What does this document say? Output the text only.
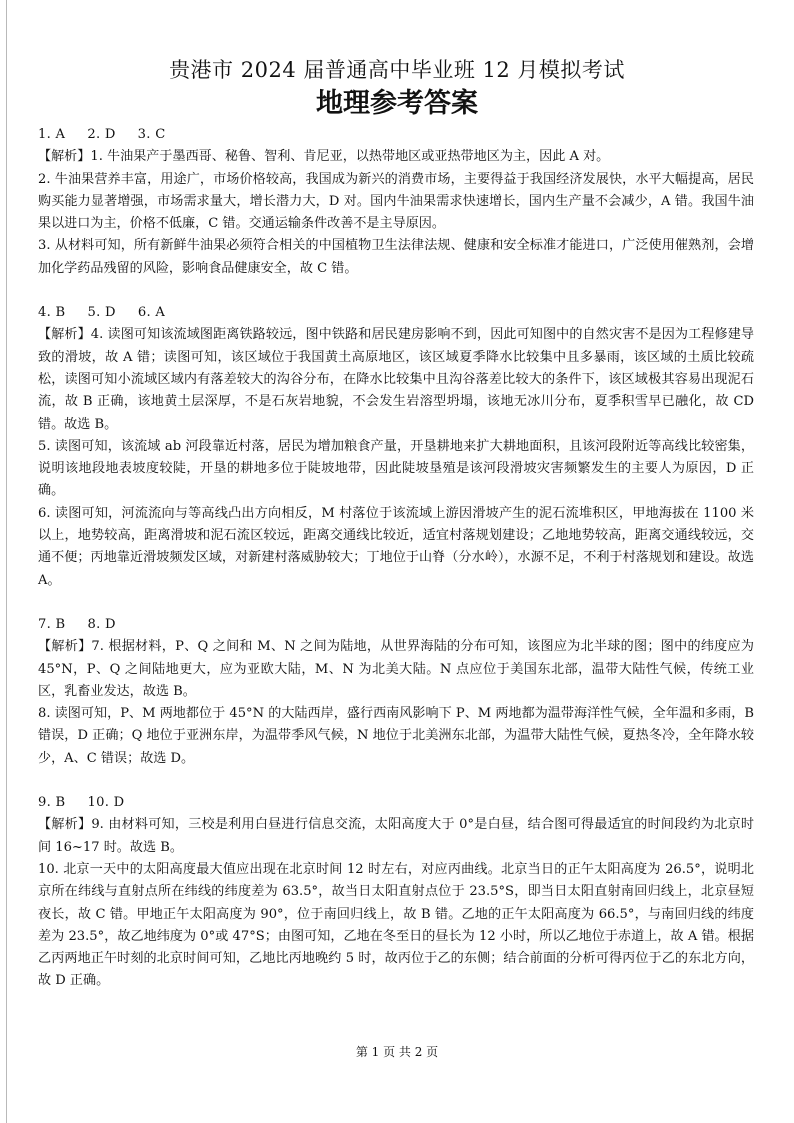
贵港市 2024 届普通高中毕业班 12 月模拟考试
地理参考答案

1. A 2. D 3. C

【解析】1. 牛油果产于墨西哥、秘鲁、智利、肯尼亚，以热带地区或亚热带地区为主，因此 A 对。

2. 牛油果营养丰富，用途广，市场价格较高，我国成为新兴的消费市场，主要得益于我国经济发展快，水平大幅提高，居民购买能力显著增强，市场需求量大，增长潜力大，D 对。国内牛油果需求快速增长，国内生产量不会减少，A 错。我国牛油果以进口为主，价格不低廉，C 错。交通运输条件改善不是主导原因。

3. 从材料可知，所有新鲜牛油果必须符合相关的中国植物卫生法律法规、健康和安全标准才能进口，广泛使用催熟剂，会增加化学药品残留的风险，影响食品健康安全，故 C 错。

4. B 5. D 6. A

【解析】4. 读图可知该流域图距离铁路较远，图中铁路和居民建房影响不到，因此可知图中的自然灾害不是因为工程修建导致的滑坡，故 A 错；读图可知，该区域位于我国黄土高原地区，该区域夏季降水比较集中且多暴雨，该区域的土质比较疏松，读图可知小流域区域内有落差较大的沟谷分布，在降水比较集中且沟谷落差比较大的条件下，该区域极其容易出现泥石流，故 B 正确，该地黄土层深厚，不是石灰岩地貌，不会发生岩溶型坍塌，该地无冰川分布，夏季积雪早已融化，故 CD 错。故选 B。

5. 读图可知，该流域 ab 河段靠近村落，居民为增加粮食产量，开垦耕地来扩大耕地面积，且该河段附近等高线比较密集，说明该地段地表坡度较陡，开垦的耕地多位于陡坡地带，因此陡坡垦殖是该河段滑坡灾害频繁发生的主要人为原因，D 正确。

6. 读图可知，河流流向与等高线凸出方向相反，M 村落位于该流域上游因滑坡产生的泥石流堆积区，甲地海拔在 1100 米以上，地势较高，距离滑坡和泥石流区较远，距离交通线比较近，适宜村落规划建设；乙地地势较高，距离交通线较远，交通不便；丙地靠近滑坡频发区域，对新建村落威胁较大；丁地位于山脊（分水岭），水源不足，不利于村落规划和建设。故选 A。

7. B 8. D

【解析】7. 根据材料，P、Q 之间和 M、N 之间为陆地，从世界海陆的分布可知，该图应为北半球的图；图中的纬度应为 45°N，P、Q 之间陆地更大，应为亚欧大陆，M、N 为北美大陆。N 点应位于美国东北部，温带大陆性气候，传统工业区，乳畜业发达，故选 B。

8. 读图可知，P、M 两地都位于 45°N 的大陆西岸，盛行西南风影响下 P、M 两地都为温带海洋性气候，全年温和多雨，B 错误，D 正确；Q 地位于亚洲东岸，为温带季风气候，N 地位于北美洲东北部，为温带大陆性气候，夏热冬冷，全年降水较少，A、C 错误；故选 D。

9. B 10. D

【解析】9. 由材料可知，三校是利用白昼进行信息交流，太阳高度大于 0°是白昼，结合图可得最适宜的时间段约为北京时间 16~17 时。故选 B。

10. 北京一天中的太阳高度最大值应出现在北京时间 12 时左右，对应丙曲线。北京当日的正午太阳高度为 26.5°，说明北京所在纬线与直射点所在纬线的纬度差为 63.5°，故当日太阳直射点位于 23.5°S，即当日太阳直射南回归线上，北京昼短夜长，故 C 错。甲地正午太阳高度为 90°，位于南回归线上，故 B 错。乙地的正午太阳高度为 66.5°，与南回归线的纬度差为 23.5°，故乙地纬度为 0°或 47°S；由图可知，乙地在冬至日的昼长为 12 小时，所以乙地位于赤道上，故 A 错。根据乙丙两地正午时刻的北京时间可知，乙地比丙地晚约 5 时，故丙位于乙的东侧；结合前面的分析可得丙位于乙的东北方向，故 D 正确。

第 1 页 共 2 页
